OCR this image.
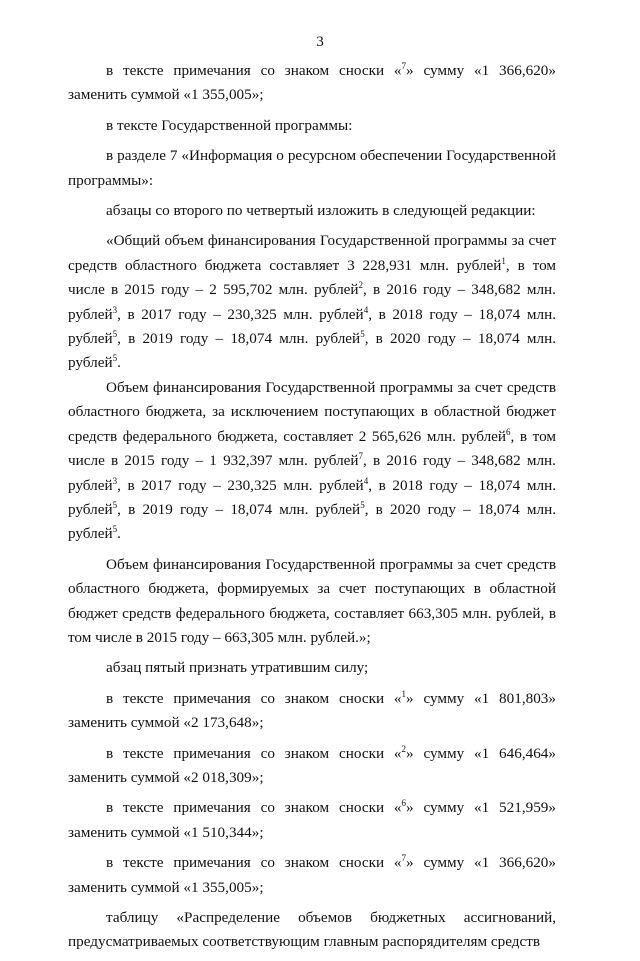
3

в тексте примечания со знаком сноски «$^7$» сумму «1 366,620» заменить суммой «1 355,005»;

в тексте Государственной программы:

в разделе 7 «Информация о ресурсном обеспечении Государственной программы»:

абзацы со второго по четвертый изложить в следующей редакции:

«Общий объем финансирования Государственной программы за счет средств областного бюджета составляет 3 228,931 млн. рублей$^1$, в том числе в 2015 году – 2 595,702 млн. рублей$^2$, в 2016 году – 348,682 млн. рублей$^3$, в 2017 году – 230,325 млн. рублей$^4$, в 2018 году – 18,074 млн. рублей$^5$, в 2019 году – 18,074 млн. рублей$^5$, в 2020 году – 18,074 млн. рублей$^5$.

Объем финансирования Государственной программы за счет средств областного бюджета, за исключением поступающих в областной бюджет средств федерального бюджета, составляет 2 565,626 млн. рублей$^6$, в том числе в 2015 году – 1 932,397 млн. рублей$^7$, в 2016 году – 348,682 млн. рублей$^3$, в 2017 году – 230,325 млн. рублей$^4$, в 2018 году – 18,074 млн. рублей$^5$, в 2019 году – 18,074 млн. рублей$^5$, в 2020 году – 18,074 млн. рублей$^5$.

Объем финансирования Государственной программы за счет средств областного бюджета, формируемых за счет поступающих в областной бюджет средств федерального бюджета, составляет 663,305 млн. рублей, в том числе в 2015 году – 663,305 млн. рублей.»;

абзац пятый признать утратившим силу;

в тексте примечания со знаком сноски «$^1$» сумму «1 801,803» заменить суммой «2 173,648»;

в тексте примечания со знаком сноски «$^2$» сумму «1 646,464» заменить суммой «2 018,309»;

в тексте примечания со знаком сноски «$^6$» сумму «1 521,959» заменить суммой «1 510,344»;

в тексте примечания со знаком сноски «$^7$» сумму «1 366,620» заменить суммой «1 355,005»;

таблицу «Распределение объемов бюджетных ассигнований, предусматриваемых соответствующим главным распорядителям средств
